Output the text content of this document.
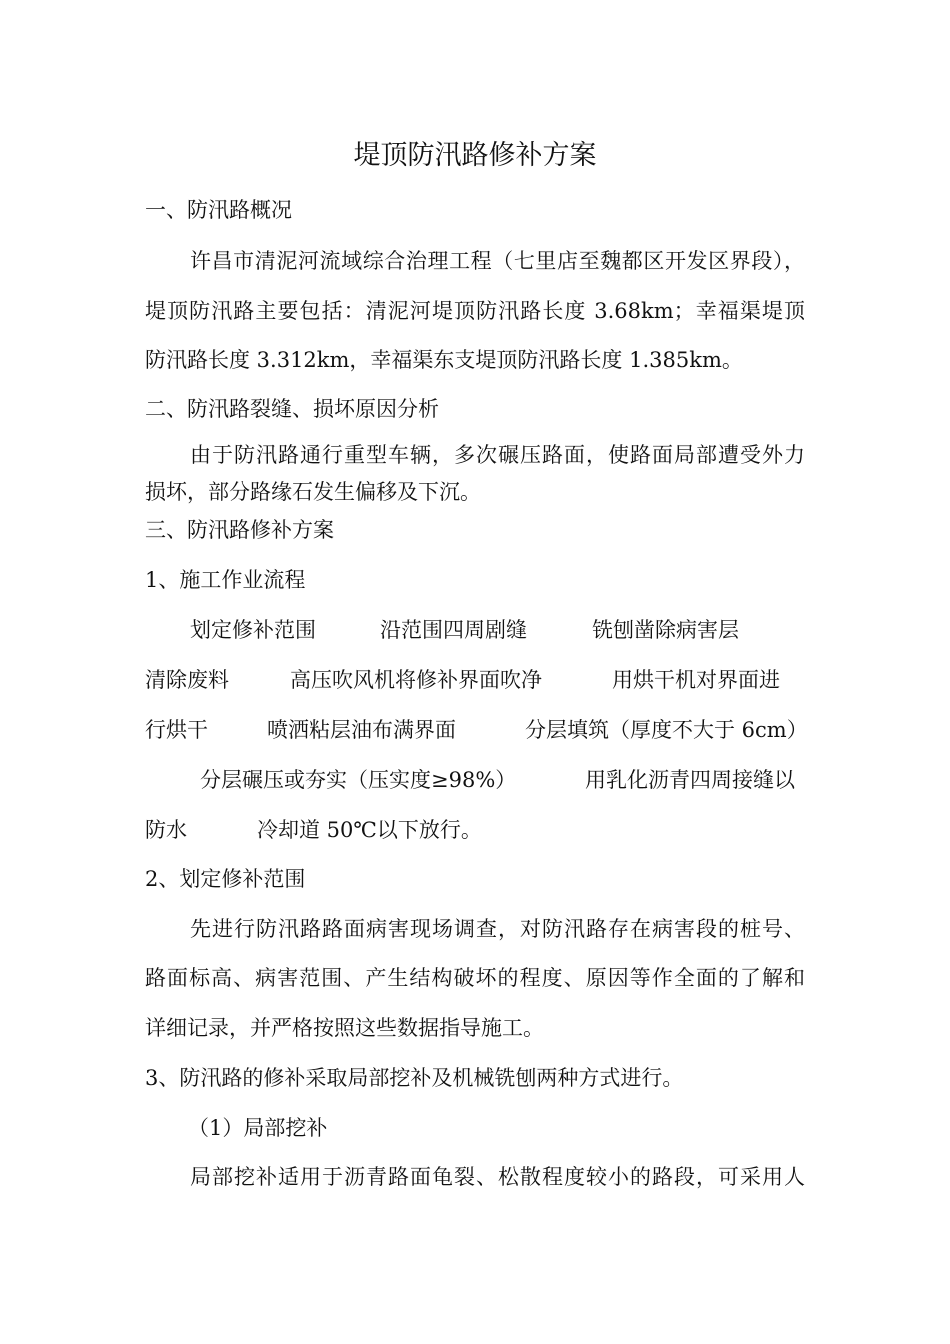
堤顶防汛路修补方案

一、防汛路概况

许昌市清泥河流域综合治理工程（七里店至魏都区开发区界段），

堤顶防汛路主要包括：清泥河堤顶防汛路长度 3.68km；幸福渠堤顶

防汛路长度 3.312km，幸福渠东支堤顶防汛路长度 1.385km。

二、防汛路裂缝、损坏原因分析

由于防汛路通行重型车辆，多次碾压路面，使路面局部遭受外力

损坏，部分路缘石发生偏移及下沉。

三、防汛路修补方案

1、施工作业流程

划定修补范围	沿范围四周剧缝	铣刨凿除病害层
清除废料	高压吹风机将修补界面吹净	用烘干机对界面进
行烘干	喷洒粘层油布满界面	分层填筑（厚度不大于 6cm）
分层碾压或夯实（压实度≥98%）	用乳化沥青四周接缝以
防水	冷却道 50℃以下放行。

2、划定修补范围

先进行防汛路路面病害现场调查，对防汛路存在病害段的桩号、

路面标高、病害范围、产生结构破坏的程度、原因等作全面的了解和

详细记录，并严格按照这些数据指导施工。

3、防汛路的修补采取局部挖补及机械铣刨两种方式进行。

（1）局部挖补

局部挖补适用于沥青路面龟裂、松散程度较小的路段，可采用人
